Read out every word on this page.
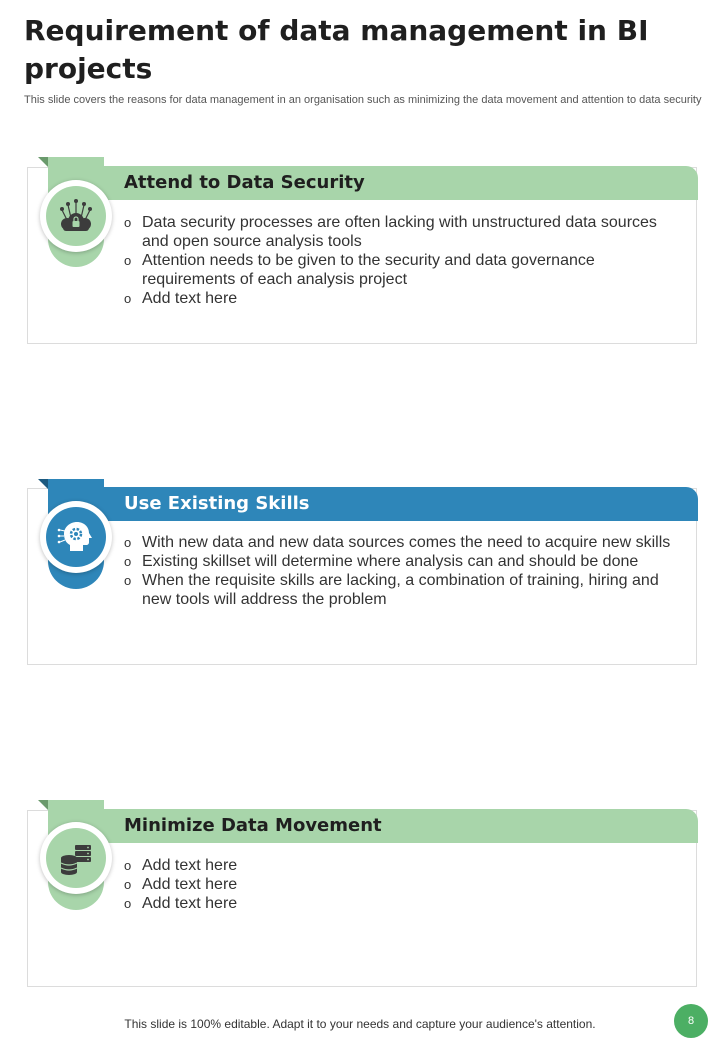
Requirement of data management in BI projects

This slide covers the reasons for data management in an organisation such as minimizing the data movement and attention to data security

Attend to Data Security
o Data security processes are often lacking with unstructured data sources and open source analysis tools
o Attention needs to be given to the security and data governance requirements of each analysis project
o Add text here
Use Existing Skills
o With new data and new data sources comes the need to acquire new skills
o Existing skillset will determine where analysis can and should be done
o When the requisite skills are lacking, a combination of training, hiring and new tools will address the problem
Minimize Data Movement
o Add text here
o Add text here
o Add text here

This slide is 100% editable. Adapt it to your needs and capture your audience's attention.	8
